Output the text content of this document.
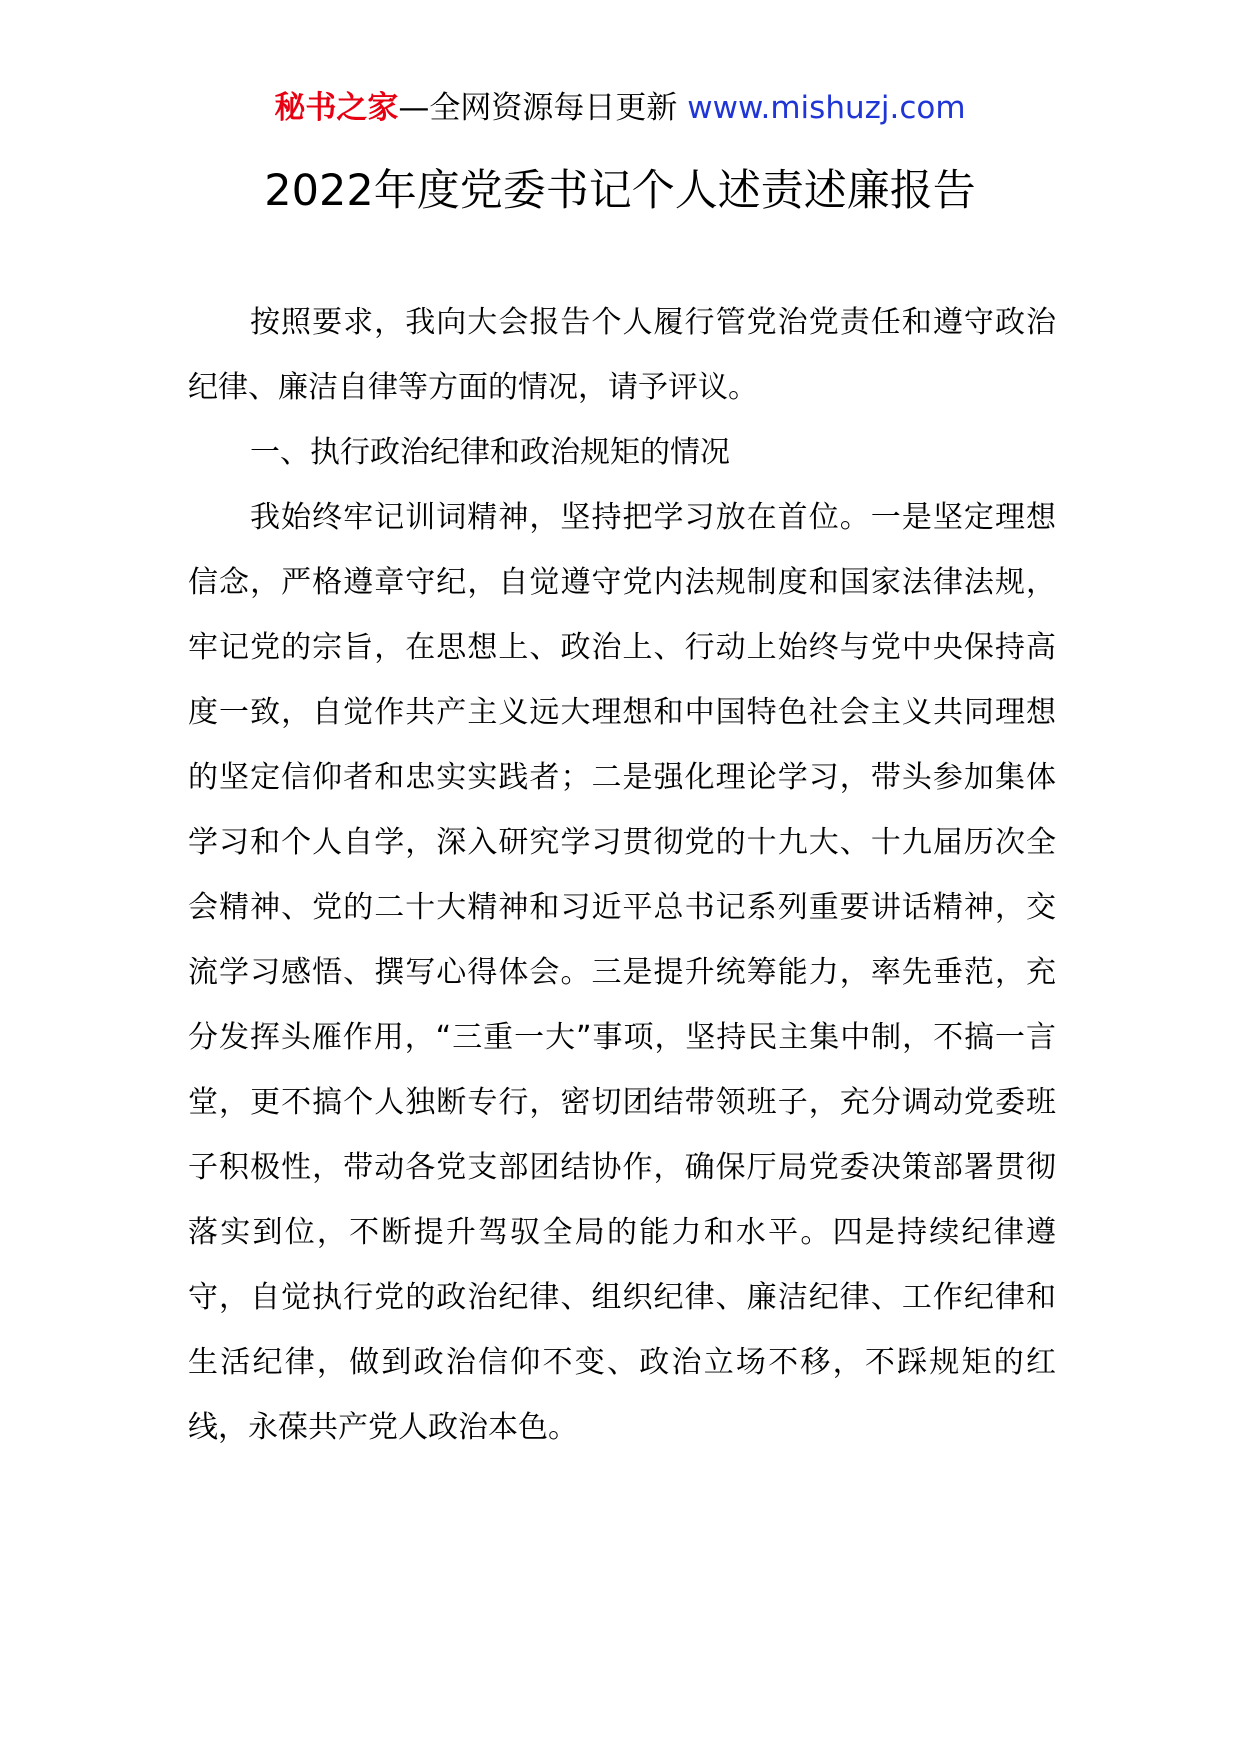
秘书之家—全网资源每日更新 www.mishuzj.com
2022年度党委书记个人述责述廉报告

按照要求，我向大会报告个人履行管党治党责任和遵守政治纪律、廉洁自律等方面的情况，请予评议。

一、执行政治纪律和政治规矩的情况

我始终牢记训词精神，坚持把学习放在首位。一是坚定理想信念，严格遵章守纪，自觉遵守党内法规制度和国家法律法规，牢记党的宗旨，在思想上、政治上、行动上始终与党中央保持高度一致，自觉作共产主义远大理想和中国特色社会主义共同理想的坚定信仰者和忠实实践者；二是强化理论学习，带头参加集体学习和个人自学，深入研究学习贯彻党的十九大、十九届历次全会精神、党的二十大精神和习近平总书记系列重要讲话精神，交流学习感悟、撰写心得体会。三是提升统筹能力，率先垂范，充分发挥头雁作用，“三重一大”事项，坚持民主集中制，不搞一言堂，更不搞个人独断专行，密切团结带领班子，充分调动党委班子积极性，带动各党支部团结协作，确保厅局党委决策部署贯彻落实到位，不断提升驾驭全局的能力和水平。四是持续纪律遵守，自觉执行党的政治纪律、组织纪律、廉洁纪律、工作纪律和生活纪律，做到政治信仰不变、政治立场不移，不踩规矩的红线，永葆共产党人政治本色。
